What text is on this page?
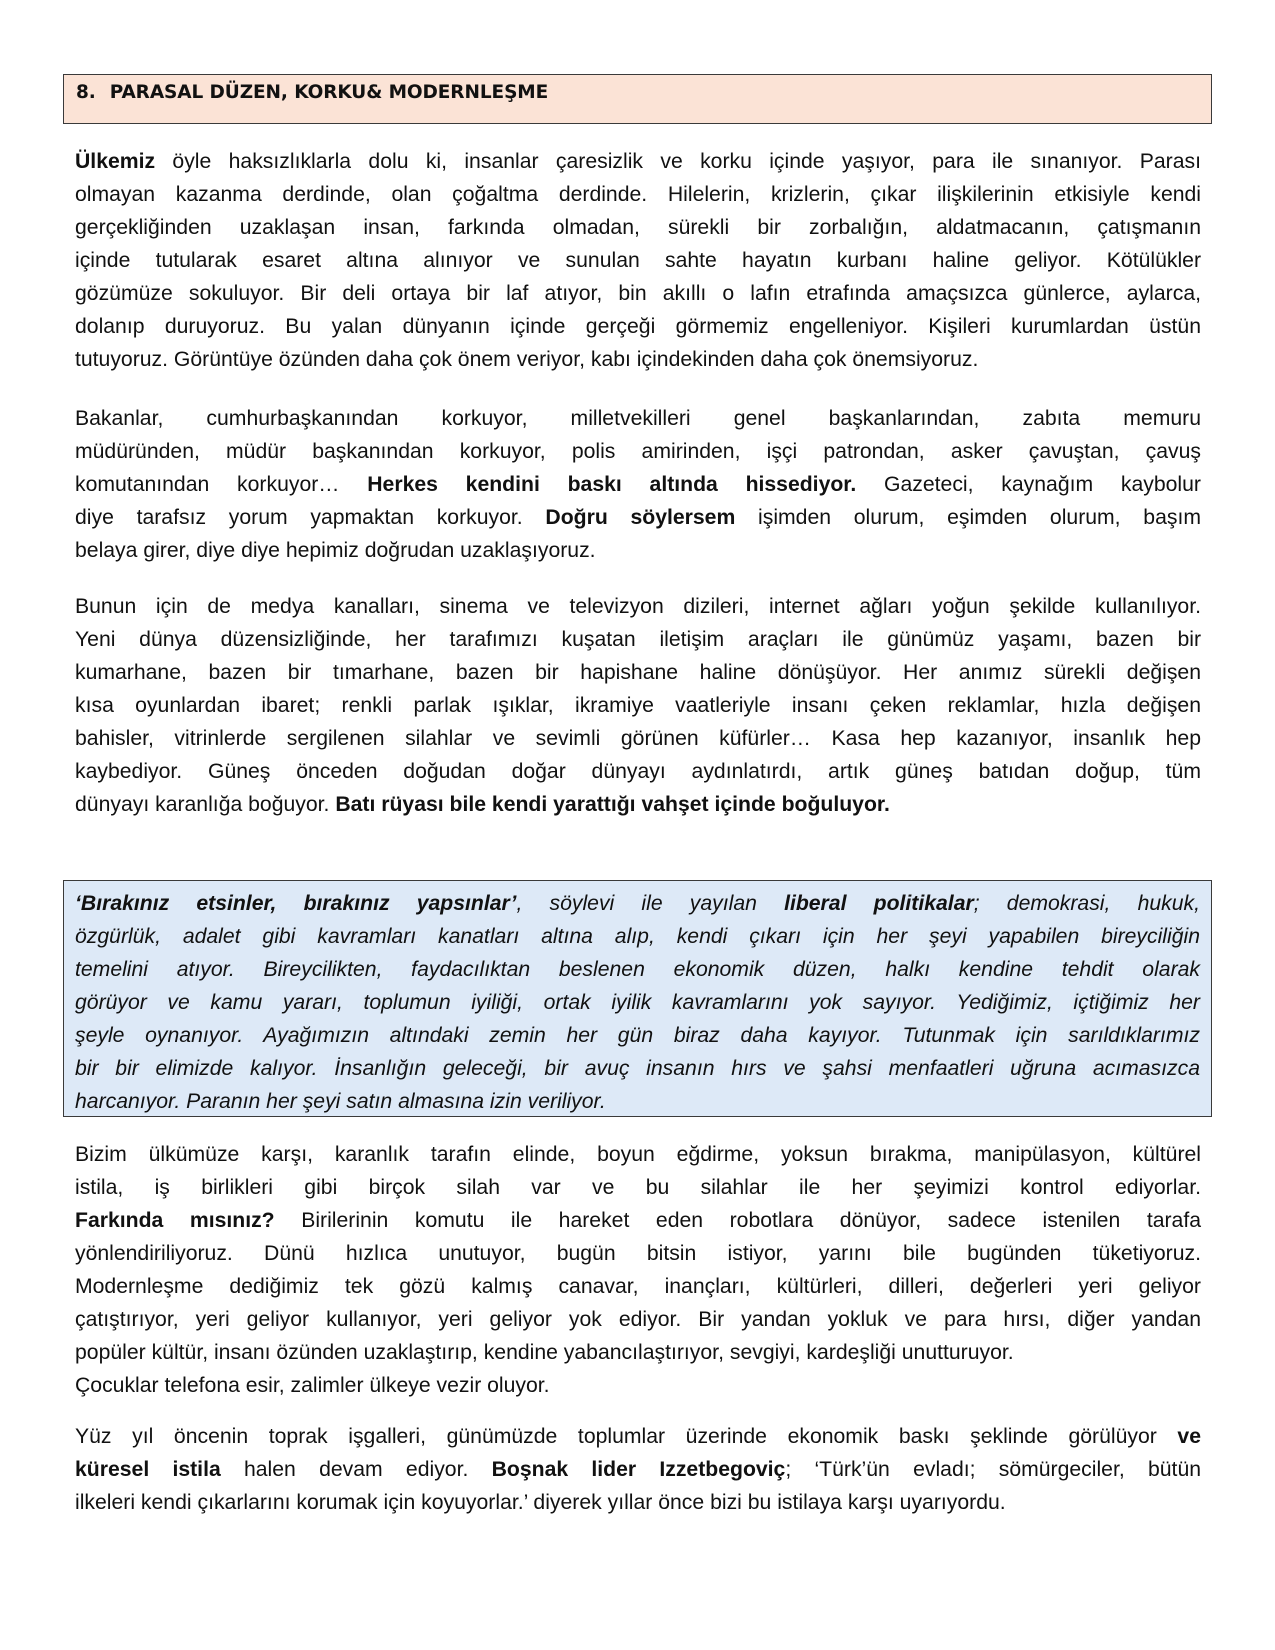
8. PARASAL DÜZEN, KORKU& MODERNLEŞME

Ülkemiz öyle haksızlıklarla dolu ki, insanlar çaresizlik ve korku içinde yaşıyor, para ile sınanıyor. Parası
olmayan kazanma derdinde, olan çoğaltma derdinde. Hilelerin, krizlerin, çıkar ilişkilerinin etkisiyle kendi
gerçekliğinden uzaklaşan insan, farkında olmadan, sürekli bir zorbalığın, aldatmacanın, çatışmanın
içinde tutularak esaret altına alınıyor ve sunulan sahte hayatın kurbanı haline geliyor. Kötülükler
gözümüze sokuluyor. Bir deli ortaya bir laf atıyor, bin akıllı o lafın etrafında amaçsızca günlerce, aylarca,
dolanıp duruyoruz. Bu yalan dünyanın içinde gerçeği görmemiz engelleniyor. Kişileri kurumlardan üstün
tutuyoruz. Görüntüye özünden daha çok önem veriyor, kabı içindekinden daha çok önemsiyoruz.

Bakanlar, cumhurbaşkanından korkuyor, milletvekilleri genel başkanlarından, zabıta memuru
müdüründen, müdür başkanından korkuyor, polis amirinden, işçi patrondan, asker çavuştan, çavuş
komutanından korkuyor… Herkes kendini baskı altında hissediyor. Gazeteci, kaynağım kaybolur
diye tarafsız yorum yapmaktan korkuyor. Doğru söylersem işimden olurum, eşimden olurum, başım
belaya girer, diye diye hepimiz doğrudan uzaklaşıyoruz.

Bunun için de medya kanalları, sinema ve televizyon dizileri, internet ağları yoğun şekilde kullanılıyor.
Yeni dünya düzensizliğinde, her tarafımızı kuşatan iletişim araçları ile günümüz yaşamı, bazen bir
kumarhane, bazen bir tımarhane, bazen bir hapishane haline dönüşüyor. Her anımız sürekli değişen
kısa oyunlardan ibaret; renkli parlak ışıklar, ikramiye vaatleriyle insanı çeken reklamlar, hızla değişen
bahisler, vitrinlerde sergilenen silahlar ve sevimli görünen küfürler… Kasa hep kazanıyor, insanlık hep
kaybediyor. Güneş önceden doğudan doğar dünyayı aydınlatırdı, artık güneş batıdan doğup, tüm
dünyayı karanlığa boğuyor. Batı rüyası bile kendi yarattığı vahşet içinde boğuluyor.

‘Bırakınız etsinler, bırakınız yapsınlar’, söylevi ile yayılan liberal politikalar; demokrasi, hukuk,
özgürlük, adalet gibi kavramları kanatları altına alıp, kendi çıkarı için her şeyi yapabilen bireyciliğin
temelini atıyor. Bireycilikten, faydacılıktan beslenen ekonomik düzen, halkı kendine tehdit olarak
görüyor ve kamu yararı, toplumun iyiliği, ortak iyilik kavramlarını yok sayıyor. Yediğimiz, içtiğimiz her
şeyle oynanıyor. Ayağımızın altındaki zemin her gün biraz daha kayıyor. Tutunmak için sarıldıklarımız
bir bir elimizde kalıyor. İnsanlığın geleceği, bir avuç insanın hırs ve şahsi menfaatleri uğruna acımasızca
harcanıyor. Paranın her şeyi satın almasına izin veriliyor.

Bizim ülkümüze karşı, karanlık tarafın elinde, boyun eğdirme, yoksun bırakma, manipülasyon, kültürel
istila, iş birlikleri gibi birçok silah var ve bu silahlar ile her şeyimizi kontrol ediyorlar.
Farkında mısınız? Birilerinin komutu ile hareket eden robotlara dönüyor, sadece istenilen tarafa
yönlendiriliyoruz. Dünü hızlıca unutuyor, bugün bitsin istiyor, yarını bile bugünden tüketiyoruz.
Modernleşme dediğimiz tek gözü kalmış canavar, inançları, kültürleri, dilleri, değerleri yeri geliyor
çatıştırıyor, yeri geliyor kullanıyor, yeri geliyor yok ediyor. Bir yandan yokluk ve para hırsı, diğer yandan
popüler kültür, insanı özünden uzaklaştırıp, kendine yabancılaştırıyor, sevgiyi, kardeşliği unutturuyor.
Çocuklar telefona esir, zalimler ülkeye vezir oluyor.

Yüz yıl öncenin toprak işgalleri, günümüzde toplumlar üzerinde ekonomik baskı şeklinde görülüyor ve
küresel istila halen devam ediyor. Boşnak lider Izzetbegoviç; ‘Türk’ün evladı; sömürgeciler, bütün
ilkeleri kendi çıkarlarını korumak için koyuyorlar.’ diyerek yıllar önce bizi bu istilaya karşı uyarıyordu.
